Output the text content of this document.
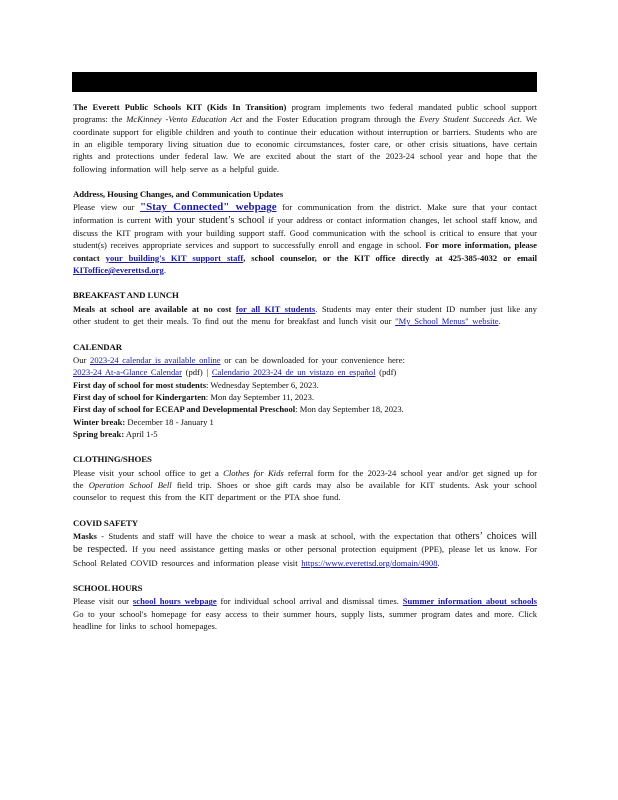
The Everett Public Schools KIT (Kids In Transition) program implements two federal mandated public school support programs: the McKinney -Vento Education Act and the Foster Education program through the Every Student Succeeds Act. We coordinate support for eligible children and youth to continue their education without interruption or barriers. Students who are in an eligible temporary living situation due to economic circumstances, foster care, or other crisis situations, have certain rights and protections under federal law. We are excited about the start of the 2023-24 school year and hope that the following information will help serve as a helpful guide.

Address, Housing Changes, and Communication Updates

Please view our "Stay Connected" webpage for communication from the district. Make sure that your contact information is current with your student’s school if your address or contact information changes, let school staff know, and discuss the KIT program with your building support staff. Good communication with the school is critical to ensure that your student(s) receives appropriate services and support to successfully enroll and engage in school. For more information, please contact your building's KIT support staff, school counselor, or the KIT office directly at 425-385-4032 or email KIToffice@everettsd.org.

BREAKFAST AND LUNCH

Meals at school are available at no cost for all KIT students. Students may enter their student ID number just like any other student to get their meals. To find out the menu for breakfast and lunch visit our "My School Menus" website.

CALENDAR

Our 2023-24 calendar is available online or can be downloaded for your convenience here:
2023-24 At-a-Glance Calendar (pdf) | Calendario 2023-24 de un vistazo en español (pdf)

First day of school for most students: Wednesday September 6, 2023.
First day of school for Kindergarten: Mon day September 11, 2023.
First day of school for ECEAP and Developmental Preschool: Mon day September 18, 2023.
Winter break: December 18 - January 1
Spring break: April 1-5
CLOTHING/SHOES

Please visit your school office to get a Clothes for Kids referral form for the 2023-24 school year and/or get signed up for the Operation School Bell field trip. Shoes or shoe gift cards may also be available for KIT students. Ask your school counselor to request this from the KIT department or the PTA shoe fund.

COVID SAFETY

Masks - Students and staff will have the choice to wear a mask at school, with the expectation that others’ choices will be respected. If you need assistance getting masks or other personal protection equipment (PPE), please let us know. For School Related COVID resources and information please visit https://www.everettsd.org/domain/4908.

SCHOOL HOURS

Please visit our school hours webpage for individual school arrival and dismissal times. Summer information about schools Go to your school's homepage for easy access to their summer hours, supply lists, summer program dates and more. Click headline for links to school homepages.
